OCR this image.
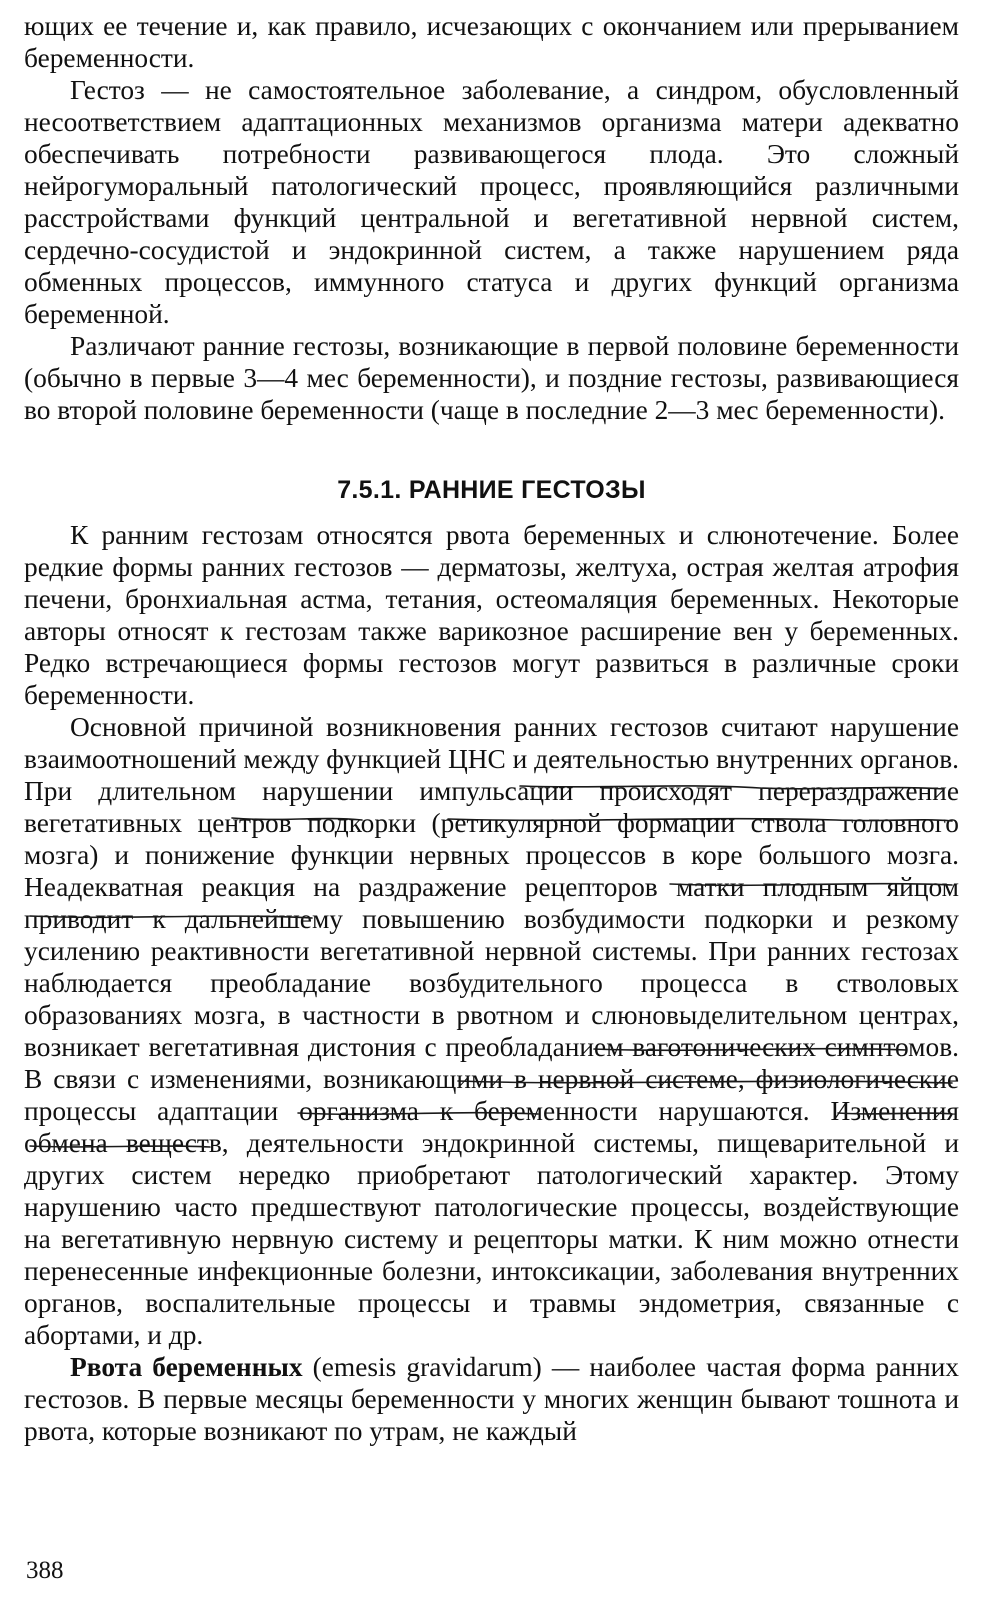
ющих ее течение и, как правило, исчезающих с окончанием или прерыванием беременности.

Гестоз — не самостоятельное заболевание, а синдром, обусловленный несоответствием адаптационных механизмов организма матери адекватно обеспечивать потребности развивающегося плода. Это сложный нейрогуморальный патологический процесс, проявляющийся различными расстройствами функций центральной и вегетативной нервной систем, сердечно-сосудистой и эндокринной систем, а также нарушением ряда обменных процессов, иммунного статуса и других функций организма беременной.

Различают ранние гестозы, возникающие в первой половине беременности (обычно в первые 3—4 мес беременности), и поздние гестозы, развивающиеся во второй половине беременности (чаще в последние 2—3 мес беременности).

7.5.1. РАННИЕ ГЕСТОЗЫ

К ранним гестозам относятся рвота беременных и слюнотечение. Более редкие формы ранних гестозов — дерматозы, желтуха, острая желтая атрофия печени, бронхиальная астма, тетания, остеомаляция беременных. Некоторые авторы относят к гестозам также варикозное расширение вен у беременных. Редко встречающиеся формы гестозов могут развиться в различные сроки беременности.

Основной причиной возникновения ранних гестозов считают нарушение взаимоотношений между функцией ЦНС и деятельностью внутренних органов. При длительном нарушении импульсации происходят перераздражение вегетативных центров подкорки (ретикулярной формации ствола головного мозга) и понижение функции нервных процессов в коре большого мозга. Неадекватная реакция на раздражение рецепторов матки плодным яйцом приводит к дальнейшему повышению возбудимости подкорки и резкому усилению реактивности вегетативной нервной системы. При ранних гестозах наблюдается преобладание возбудительного процесса в стволовых образованиях мозга, в частности в рвотном и слюновыделительном центрах, возникает вегетативная дистония с преобладанием ваготонических симптомов. В связи с изменениями, возникающими в нервной системе, физиологические процессы адаптации организма к беременности нарушаются. Изменения обмена веществ, деятельности эндокринной системы, пищеварительной и других систем нередко приобретают патологический характер. Этому нарушению часто предшествуют патологические процессы, воздействующие на вегетативную нервную систему и рецепторы матки. К ним можно отнести перенесенные инфекционные болезни, интоксикации, заболевания внутренних органов, воспалительные процессы и травмы эндометрия, связанные с абортами, и др.

Рвота беременных (emesis gravidarum) — наиболее частая форма ранних гестозов. В первые месяцы беременности у многих женщин бывают тошнота и рвота, которые возникают по утрам, не каждый

388
